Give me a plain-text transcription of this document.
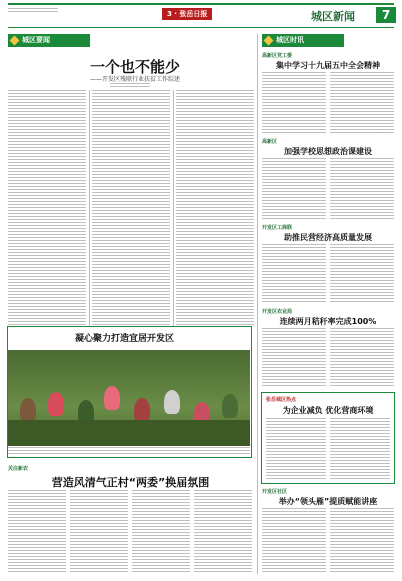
3 · 张岳日报	城区新闻	7
城区要闻
一个也不能少
——开发区残联行业扶贫工作综述
凝心聚力打造宜居开发区
关注新农
营造风清气正村“两委”换届氛围
城区时讯
高新区党工委
集中学习十九届五中全会精神
高新区
加强学校思想政治课建设
开发区工商联
助推民营经济高质量发展
开发区农业局
连续两月秸秆率完成100%
张岳城区热点
为企业减负 优化营商环境
开发区社区
举办“领头雁”提质赋能讲座
